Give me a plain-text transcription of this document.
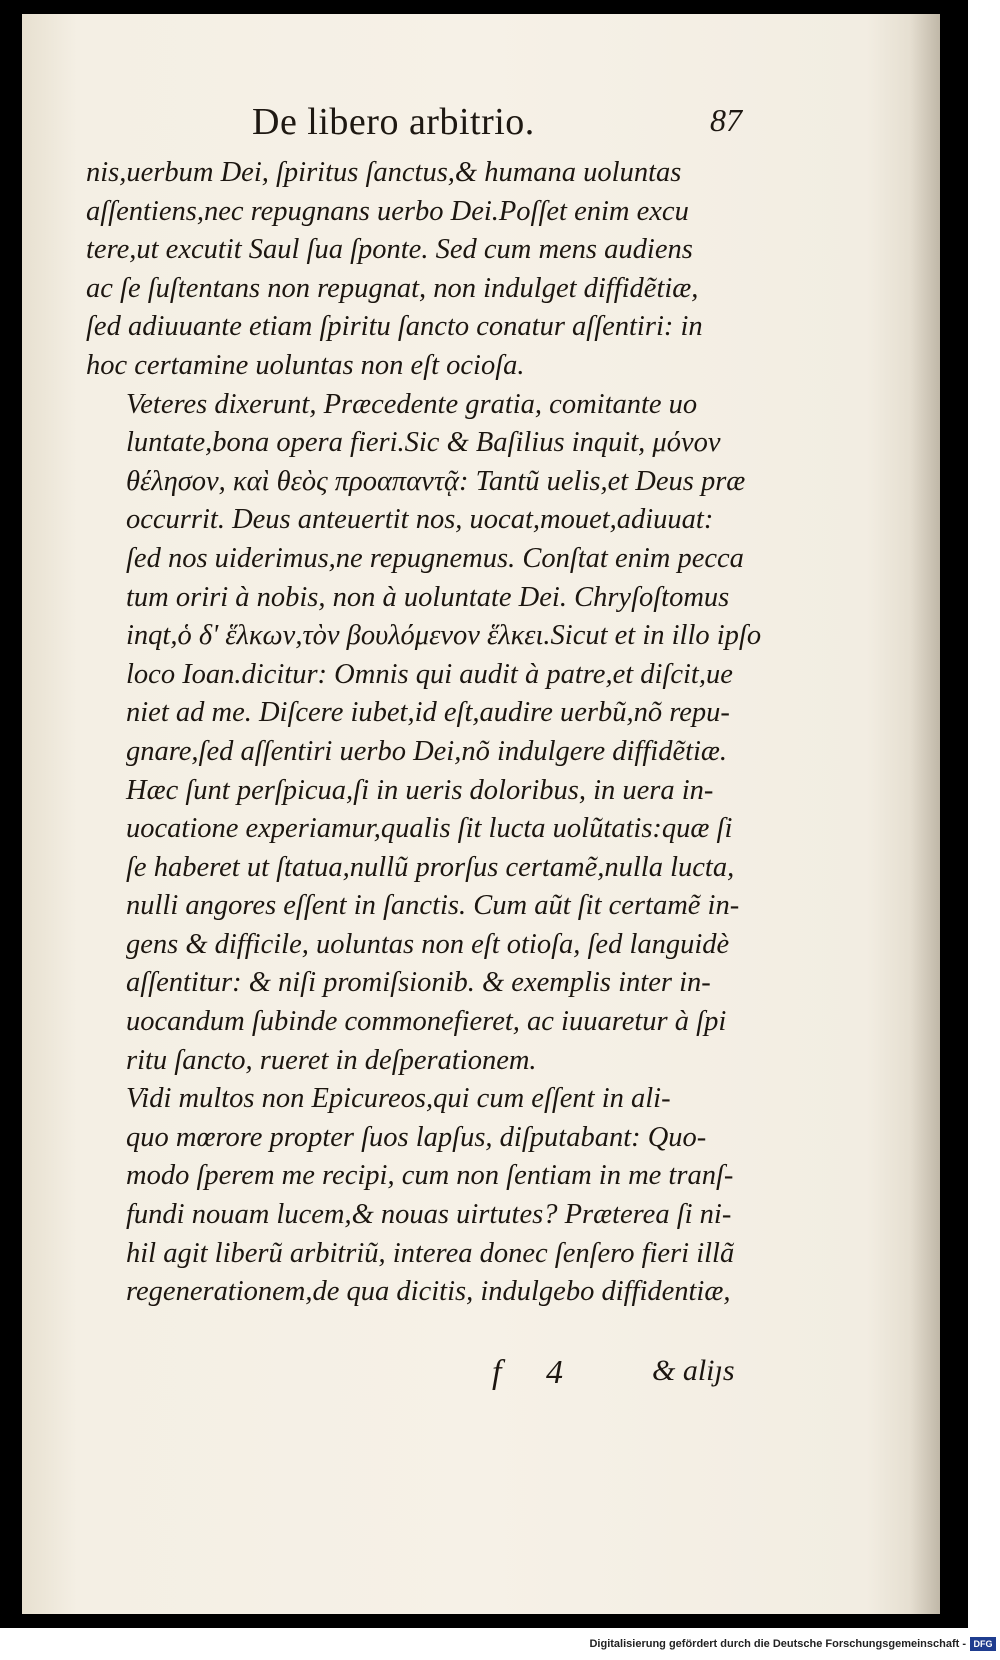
De libero arbitrio.	87

nis,uerbum Dei, ſpiritus ſanctus,& humana uoluntas
aſſentiens,nec repugnans uerbo Dei.Poſſet enim excu
tere,ut excutit Saul ſua ſponte. Sed cum mens audiens
ac ſe ſuſtentans non repugnat, non indulget diffidẽtiæ,
ſed adiuuante etiam ſpiritu ſancto conatur aſſentiri: in
hoc certamine uoluntas non eſt ocioſa.

Veteres dixerunt, Præcedente gratia, comitante uo
luntate,bona opera fieri.Sic & Baſilius inquit, μόνον
θέλησον, καὶ θεὸς προαπαντᾷ: Tantũ uelis,et Deus præ
occurrit. Deus anteuertit nos, uocat,mouet,adiuuat:
ſed nos uiderimus,ne repugnemus. Conſtat enim pecca
tum oriri à nobis, non à uoluntate Dei. Chryſoſtomus
inqt,ὁ δ' ἕλκων,τὸν βουλόμενον ἕλκει.Sicut et in illo ipſo
loco Ioan.dicitur: Omnis qui audit à patre,et diſcit,ue
niet ad me. Diſcere iubet,id eſt,audire uerbũ,nõ repu-
gnare,ſed aſſentiri uerbo Dei,nõ indulgere diffidẽtiæ.

Hæc ſunt perſpicua,ſi in ueris doloribus, in uera in-
uocatione experiamur,qualis ſit lucta uolũtatis:quæ ſi
ſe haberet ut ſtatua,nullũ prorſus certamẽ,nulla lucta,
nulli angores eſſent in ſanctis. Cum aũt ſit certamẽ in-
gens & difficile, uoluntas non eſt otioſa, ſed languidè
aſſentitur: & niſi promiſsionib. & exemplis inter in-
uocandum ſubinde commonefieret, ac iuuaretur à ſpi
ritu ſancto, rueret in deſperationem.

Vidi multos non Epicureos,qui cum eſſent in ali-
quo mœrore propter ſuos lapſus, diſputabant: Quo-
modo ſperem me recipi, cum non ſentiam in me tranſ-
fundi nouam lucem,& nouas uirtutes? Præterea ſi ni-
hil agit liberũ arbitriũ, interea donec ſenſero fieri illã
regenerationem,de qua dicitis, indulgebo diffidentiæ,

f 4 & aliȷs
Digitalisierung gefördert durch die Deutsche Forschungsgemeinschaft - DFG
